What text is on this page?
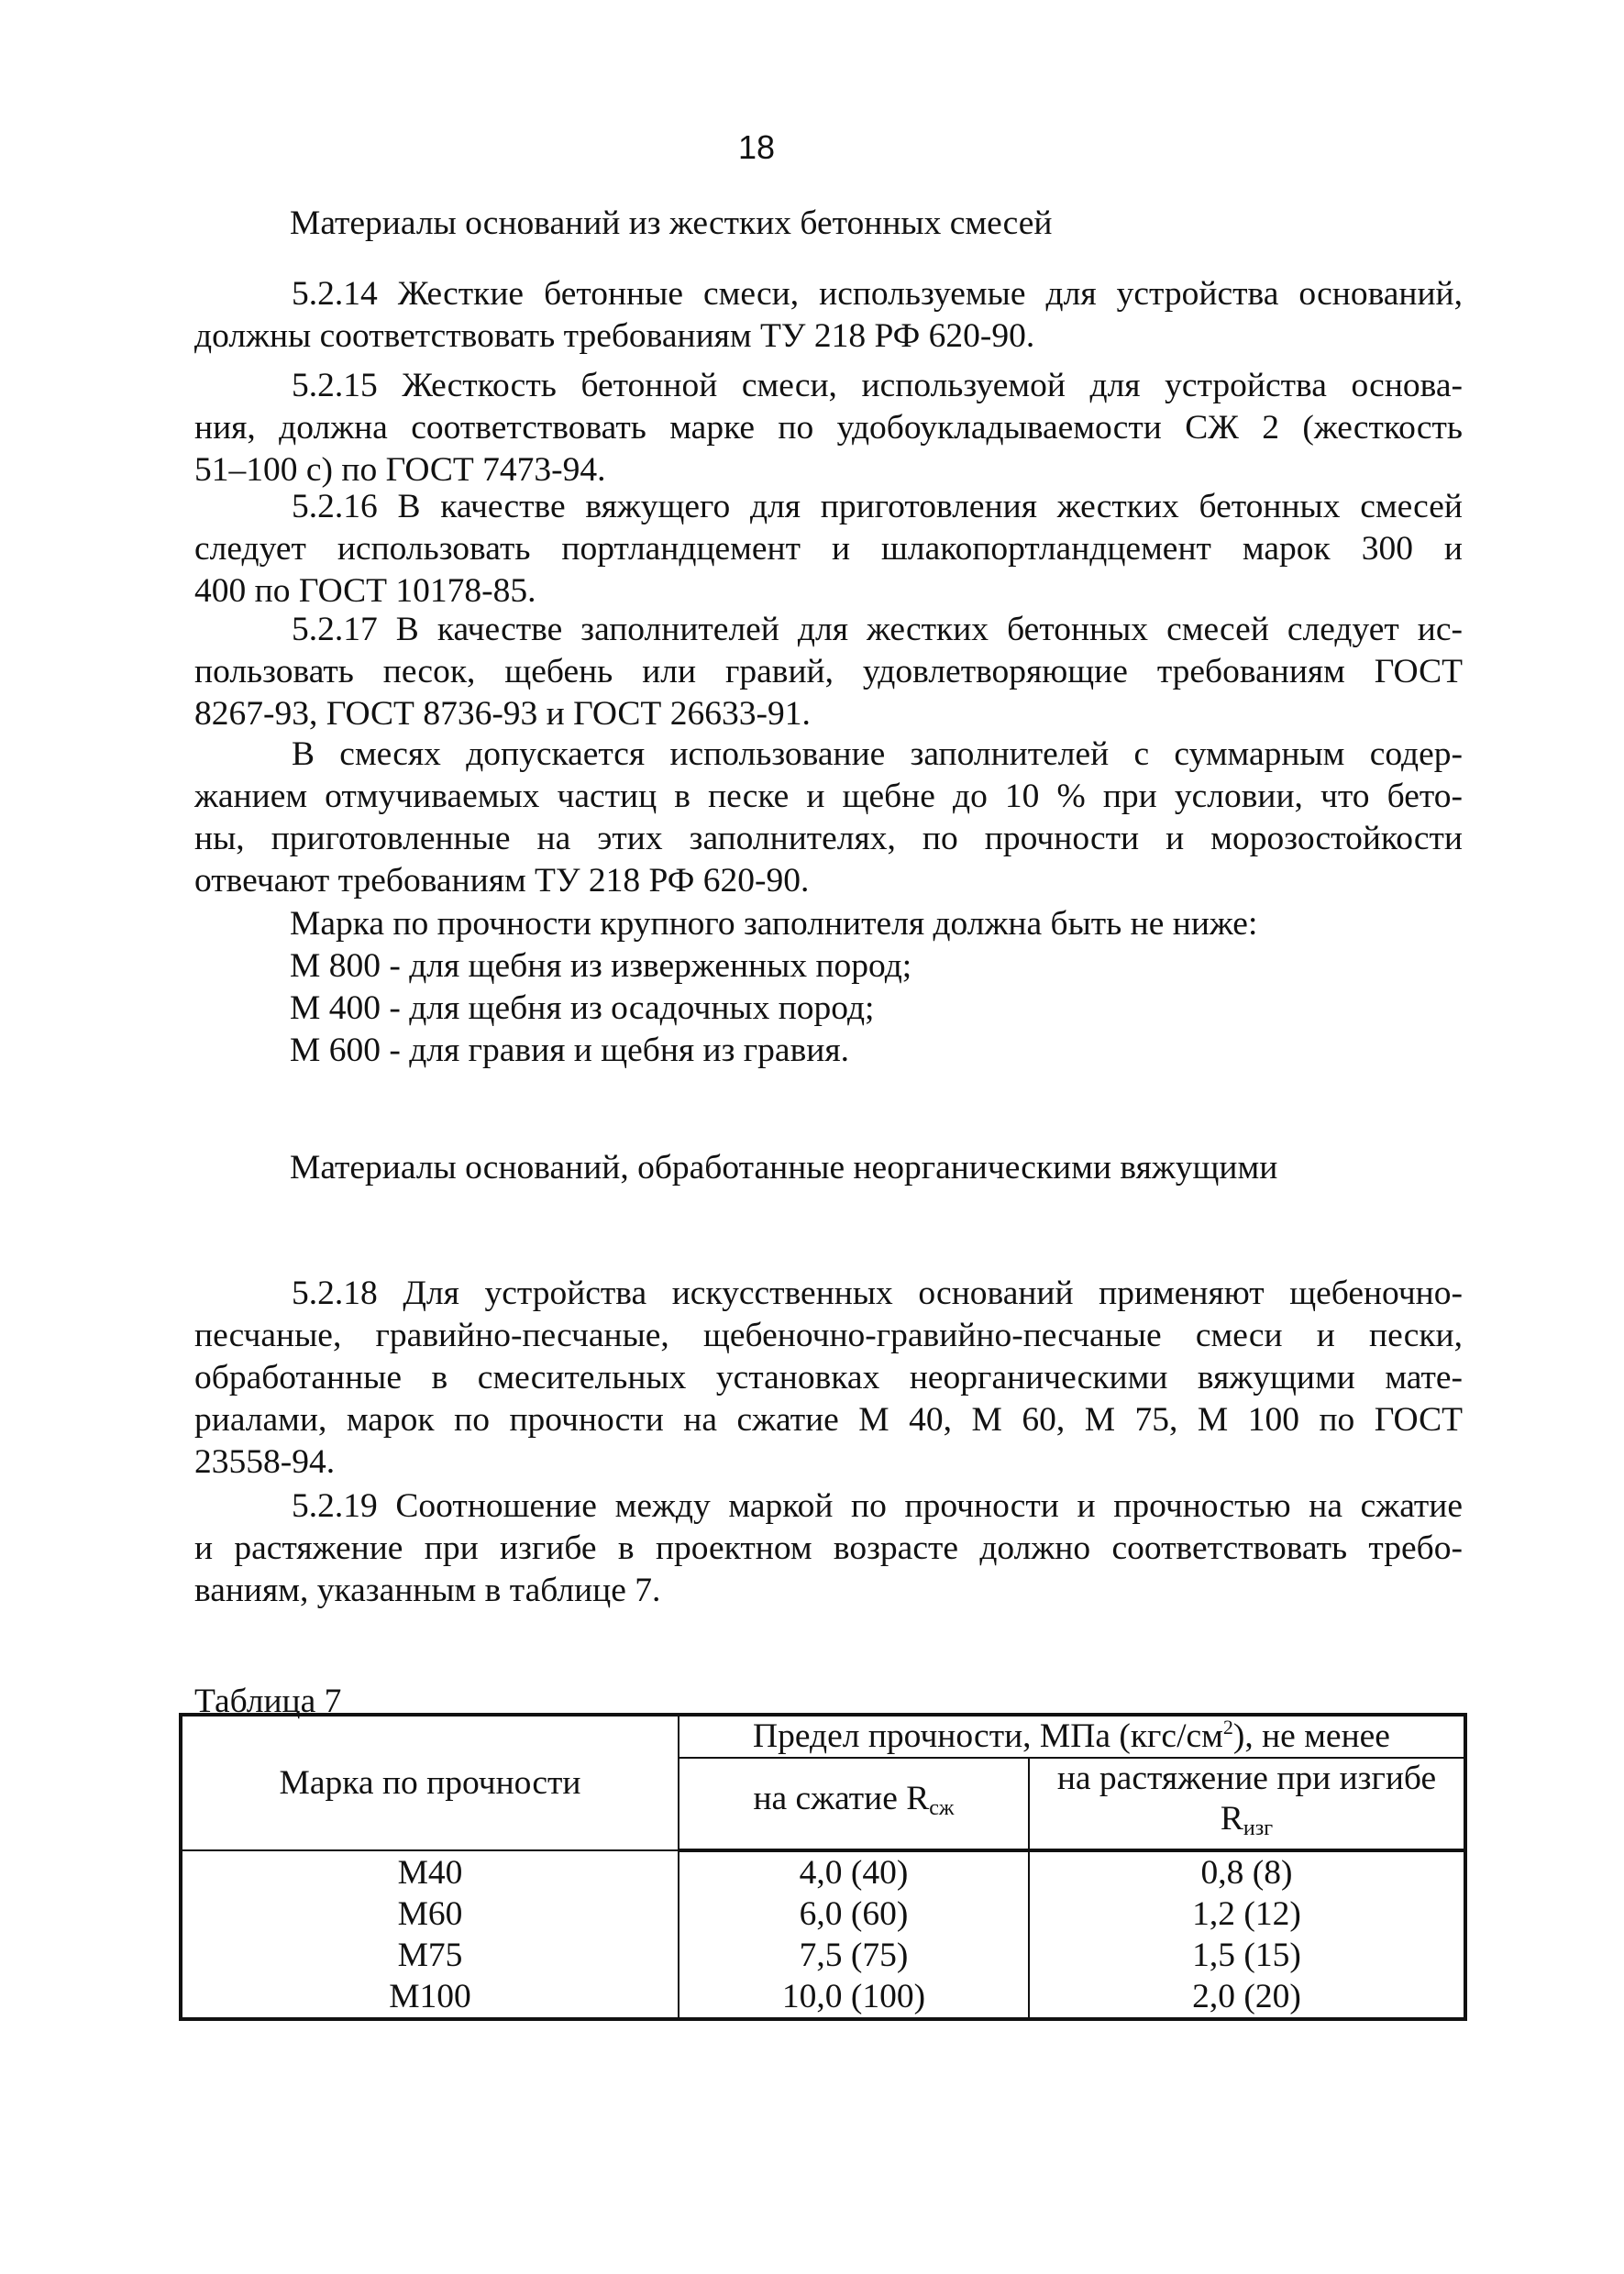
18
Материалы оснований из жестких бетонных смесей

5.2.14 Жесткие бетонные смеси, используемые для устройства оснований,

должны соответствовать требованиям ТУ 218 РФ 620-90.

5.2.15 Жесткость бетонной смеси, используемой для устройства основа-

ния, должна соответствовать марке по удобоукладываемости СЖ 2 (жесткость

51–100 с) по ГОСТ 7473-94.

5.2.16 В качестве вяжущего для приготовления жестких бетонных смесей

следует использовать портландцемент и шлакопортландцемент марок 300 и

400 по ГОСТ 10178-85.

5.2.17 В качестве заполнителей для жестких бетонных смесей следует ис-

пользовать песок, щебень или гравий, удовлетворяющие требованиям ГОСТ

8267-93, ГОСТ 8736-93 и ГОСТ 26633-91.

В смесях допускается использование заполнителей с суммарным содер-

жанием отмучиваемых частиц в песке и щебне до 10 % при условии, что бето-

ны, приготовленные на этих заполнителях, по прочности и морозостойкости

отвечают требованиям ТУ 218 РФ 620-90.

Марка по прочности крупного заполнителя должна быть не ниже:
М 800 - для щебня из изверженных пород;
М 400 - для щебня из осадочных пород;
М 600 - для гравия и щебня из гравия.
Материалы оснований, обработанные неорганическими вяжущими

5.2.18 Для устройства искусственных оснований применяют щебеночно-

песчаные, гравийно-песчаные, щебеночно-гравийно-песчаные смеси и пески,

обработанные в смесительных установках неорганическими вяжущими мате-

риалами, марок по прочности на сжатие М 40, М 60, М 75, М 100 по ГОСТ

23558-94.

5.2.19 Соотношение между маркой по прочности и прочностью на сжатие

и растяжение при изгибе в проектном возрасте должно соответствовать требо-

ваниям, указанным в таблице 7.

Таблица 7
Марка по прочности	Предел прочности, МПа $(кгс/см^2)$, не менее	
	на сжатие $R_{сж}$	на растяжение при изгибе
$R_{изг}$
М40	4,0 (40)	0,8 (8)
М60	6,0 (60)	1,2 (12)
М75	7,5 (75)	1,5 (15)
М100	10,0 (100)	2,0 (20)
